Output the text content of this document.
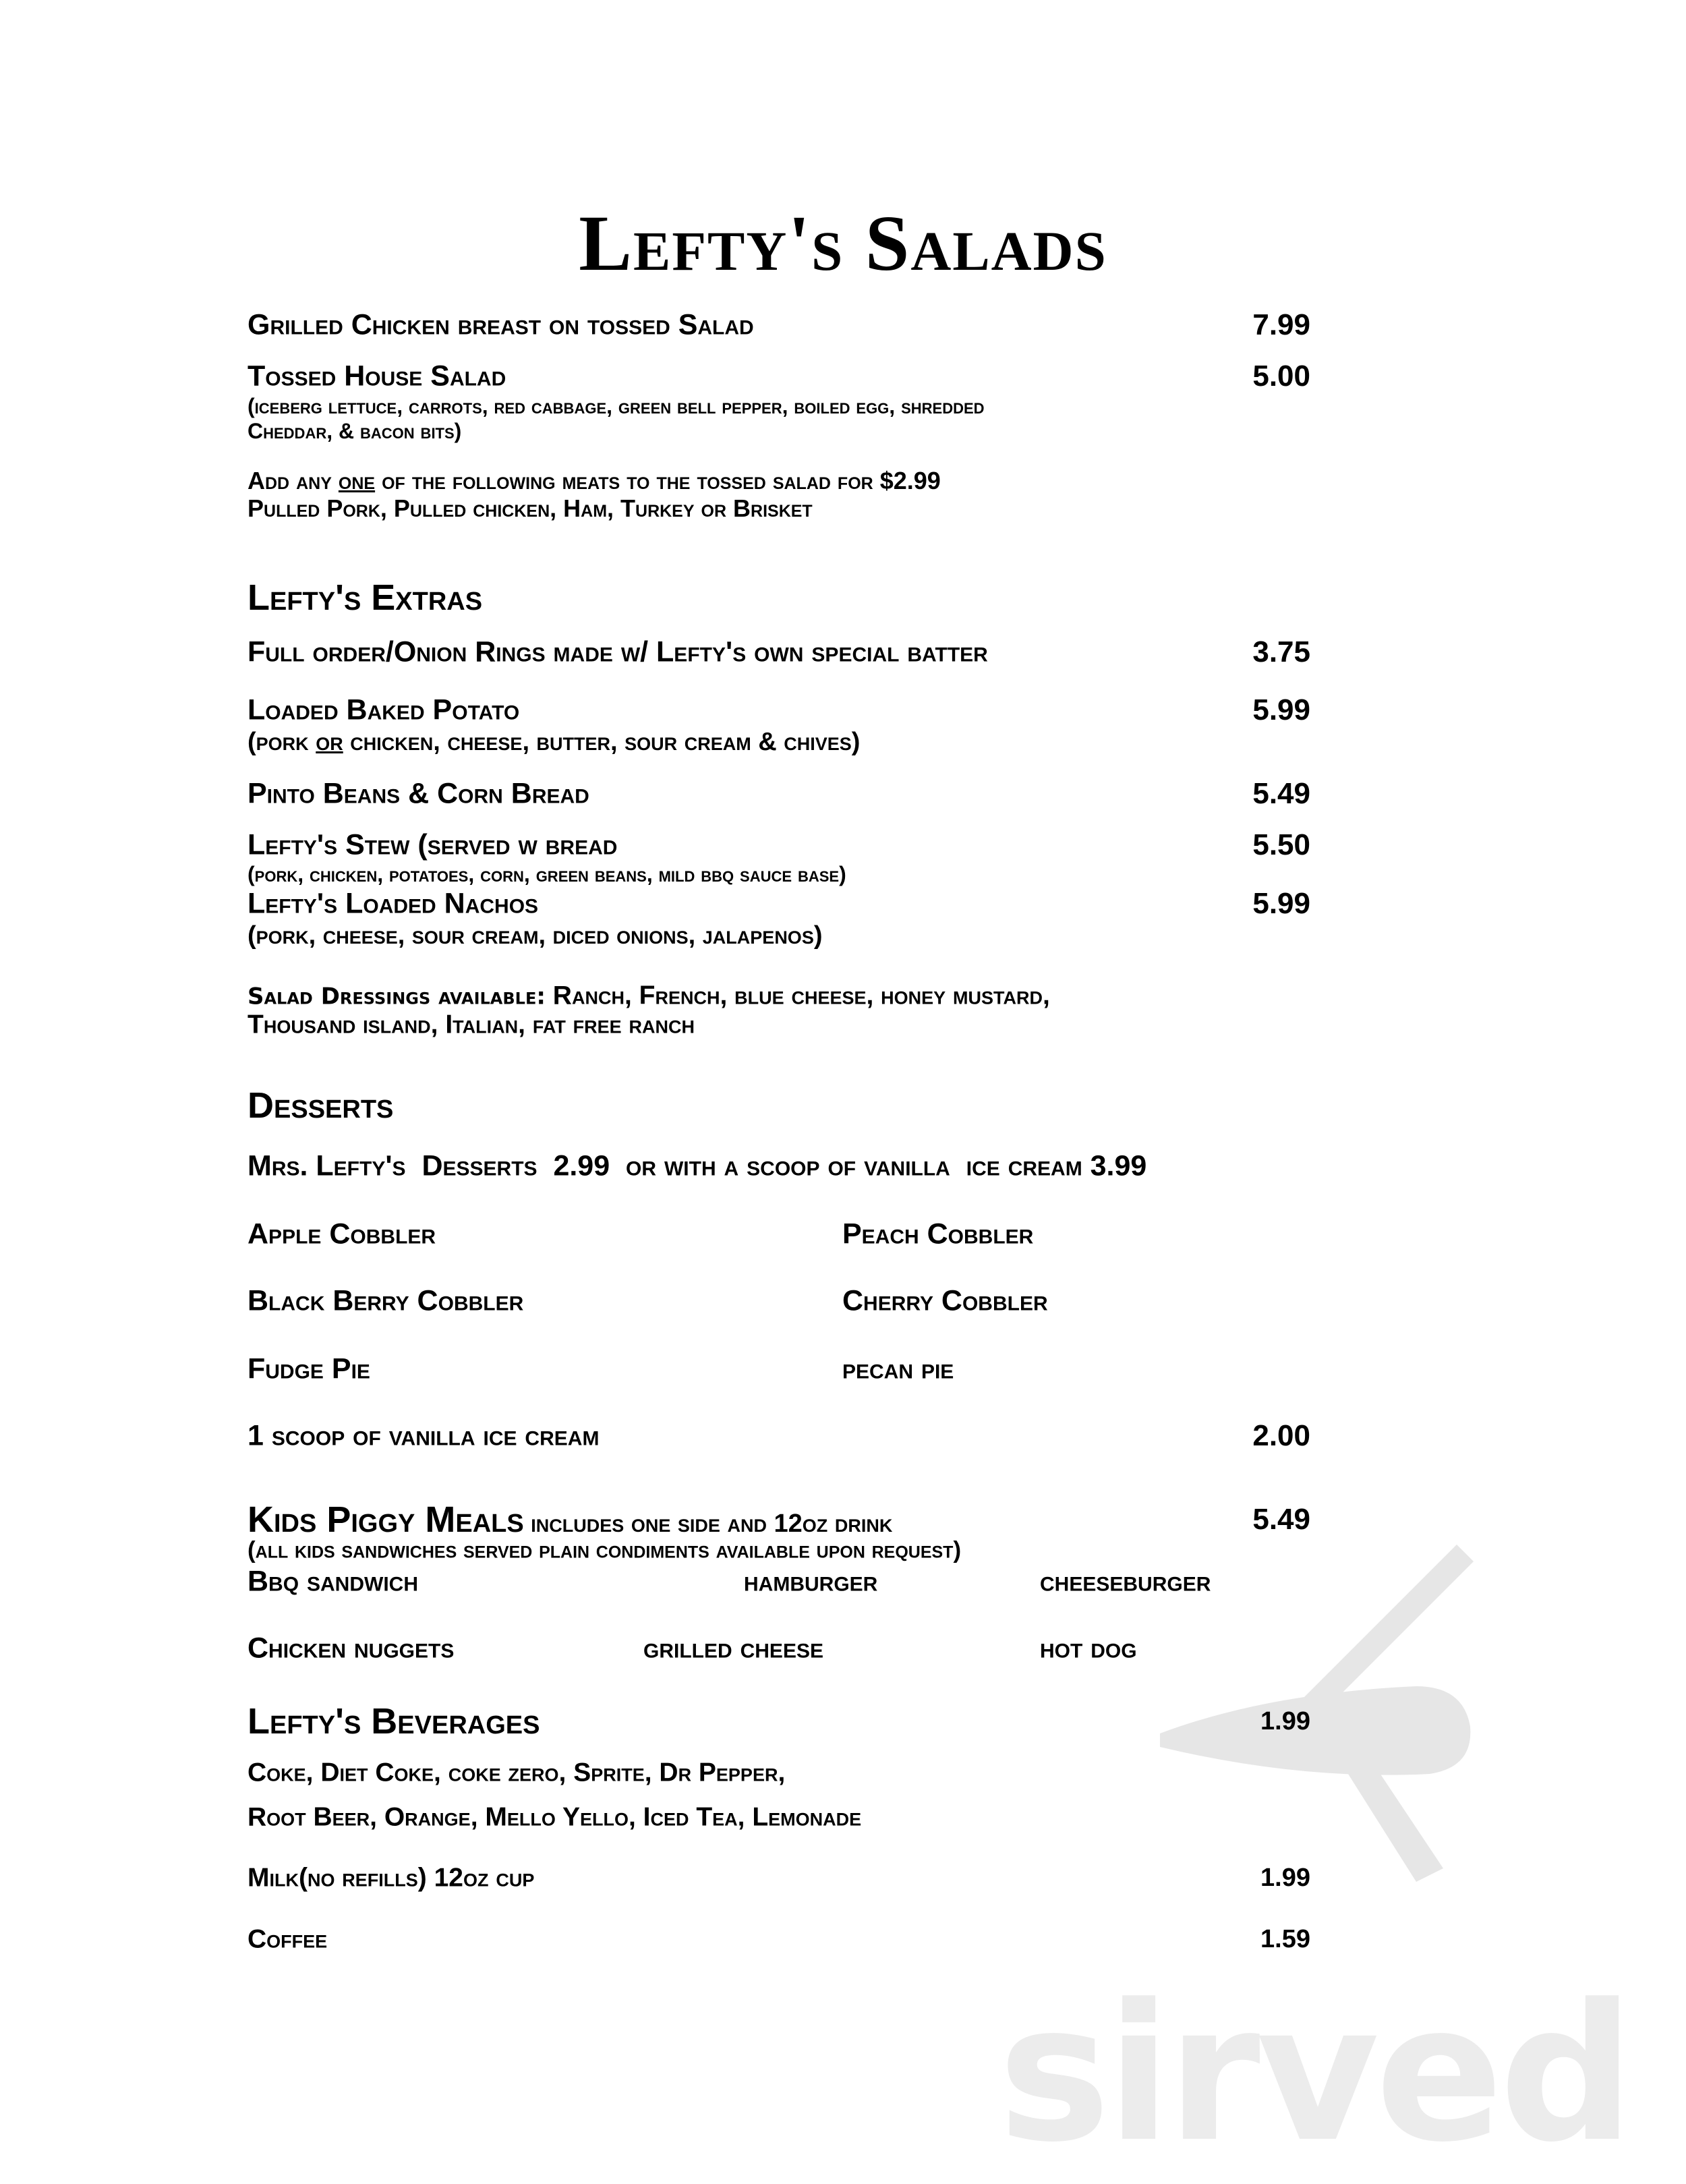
sirved
Lefty's Salads
Grilled Chicken breast on tossed Salad	7.99
Tossed House Salad	5.00
(iceberg lettuce, carrots, red cabbage, green bell pepper, boiled egg, shredded
Cheddar, & bacon bits)
Add any one of the following meats to the tossed salad for $2.99
Pulled Pork, Pulled chicken, Ham, Turkey or Brisket
Lefty's Extras
Full order/Onion Rings made w/ Lefty's own special batter	3.75
Loaded Baked Potato	5.99
(pork or chicken, cheese, butter, sour cream & chives)
Pinto Beans & Corn Bread	5.49
Lefty's Stew (served w bread	5.50
(pork, chicken, potatoes, corn, green beans, mild bbq sauce base)
Lefty's Loaded Nachos	5.99
(pork, cheese, sour cream, diced onions, jalapenos)
Salad Dressings available: Ranch, French, blue cheese, honey mustard,
Thousand island, Italian, fat free ranch
Desserts
Mrs. Lefty's  Desserts  2.99  or with a scoop of vanilla  ice cream 3.99
Apple Cobbler	Peach Cobbler
Black Berry Cobbler	Cherry Cobbler
Fudge Pie	pecan pie
1 scoop of vanilla ice cream	2.00
Kids Piggy Meals includes one side and 12oz drink	5.49
(all kids sandwiches served plain condiments available upon request)
Bbq sandwich	hamburger	cheeseburger
Chicken nuggets	grilled cheese	hot dog
Lefty's Beverages	1.99
Coke, Diet Coke, coke zero, Sprite, Dr Pepper,
Root Beer, Orange, Mello Yello, Iced Tea, Lemonade
Milk(no refills) 12oz cup	1.99
Coffee	1.59
